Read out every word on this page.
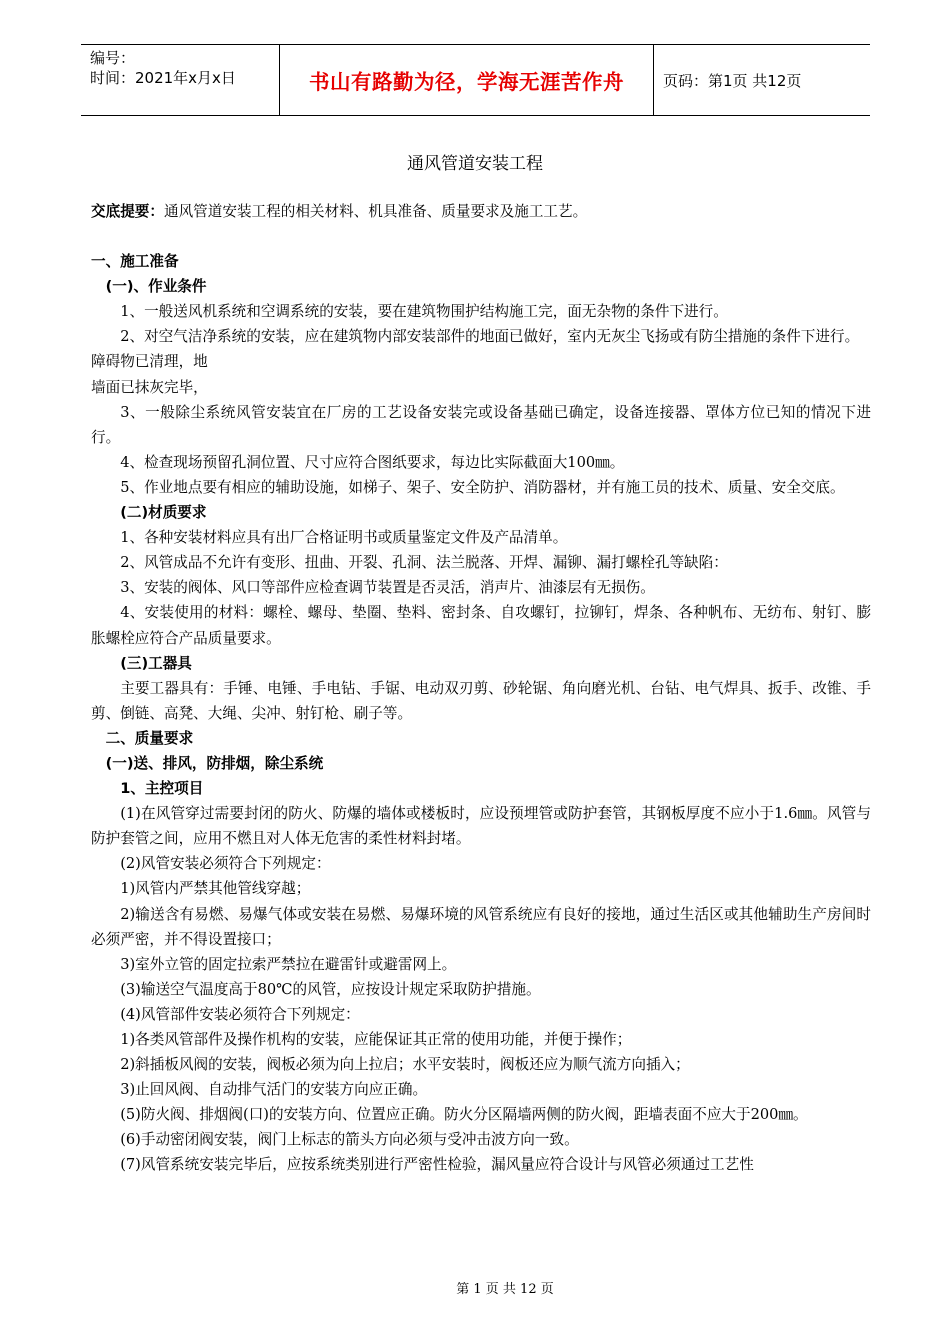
编号：
时间：2021年x月x日	书山有路勤为径，学海无涯苦作舟	页码：第1页 共12页
通风管道安装工程

交底提要：通风管道安装工程的相关材料、机具准备、质量要求及施工工艺。

一、施工准备

(一)、作业条件

1、一般送风机系统和空调系统的安装，要在建筑物围护结构施工完，面无杂物的条件下进行。

2、对空气洁净系统的安装，应在建筑物内部安装部件的地面已做好，室内无灰尘飞扬或有防尘措施的条件下进行。

障碍物已清理，地

墙面已抹灰完毕，

3、一般除尘系统风管安装宜在厂房的工艺设备安装完或设备基础已确定，设备连接器、罩体方位已知的情况下进行。

4、检查现场预留孔洞位置、尺寸应符合图纸要求，每边比实际截面大100㎜。

5、作业地点要有相应的辅助设施，如梯子、架子、安全防护、消防器材，并有施工员的技术、质量、安全交底。

(二)材质要求

1、各种安装材料应具有出厂合格证明书或质量鉴定文件及产品清单。

2、风管成品不允许有变形、扭曲、开裂、孔洞、法兰脱落、开焊、漏铆、漏打螺栓孔等缺陷：

3、安装的阀体、风口等部件应检查调节装置是否灵活，消声片、油漆层有无损伤。

4、安装使用的材料：螺栓、螺母、垫圈、垫料、密封条、自攻螺钉，拉铆钉，焊条、各种帆布、无纺布、射钉、膨胀螺栓应符合产品质量要求。

(三)工器具

主要工器具有：手锤、电锤、手电钻、手锯、电动双刃剪、砂轮锯、角向磨光机、台钻、电气焊具、扳手、改锥、手剪、倒链、高凳、大绳、尖冲、射钉枪、刷子等。

二、质量要求

(一)送、排风，防排烟，除尘系统

1、主控项目

(1)在风管穿过需要封闭的防火、防爆的墙体或楼板时，应设预埋管或防护套管，其钢板厚度不应小于1.6㎜。风管与防护套管之间，应用不燃且对人体无危害的柔性材料封堵。

(2)风管安装必须符合下列规定：

1)风管内严禁其他管线穿越；

2)输送含有易燃、易爆气体或安装在易燃、易爆环境的风管系统应有良好的接地，通过生活区或其他辅助生产房间时必须严密，并不得设置接口；

3)室外立管的固定拉索严禁拉在避雷针或避雷网上。

(3)输送空气温度高于80℃的风管，应按设计规定采取防护措施。

(4)风管部件安装必须符合下列规定：

1)各类风管部件及操作机构的安装，应能保证其正常的使用功能，并便于操作；

2)斜插板风阀的安装，阀板必须为向上拉启；水平安装时，阀板还应为顺气流方向插入；

3)止回风阀、自动排气活门的安装方向应正确。

(5)防火阀、排烟阀(口)的安装方向、位置应正确。防火分区隔墙两侧的防火阀，距墙表面不应大于200㎜。

(6)手动密闭阀安装，阀门上标志的箭头方向必须与受冲击波方向一致。

(7)风管系统安装完毕后，应按系统类别进行严密性检验，漏风量应符合设计与风管必须通过工艺性

第 1 页 共 12 页
